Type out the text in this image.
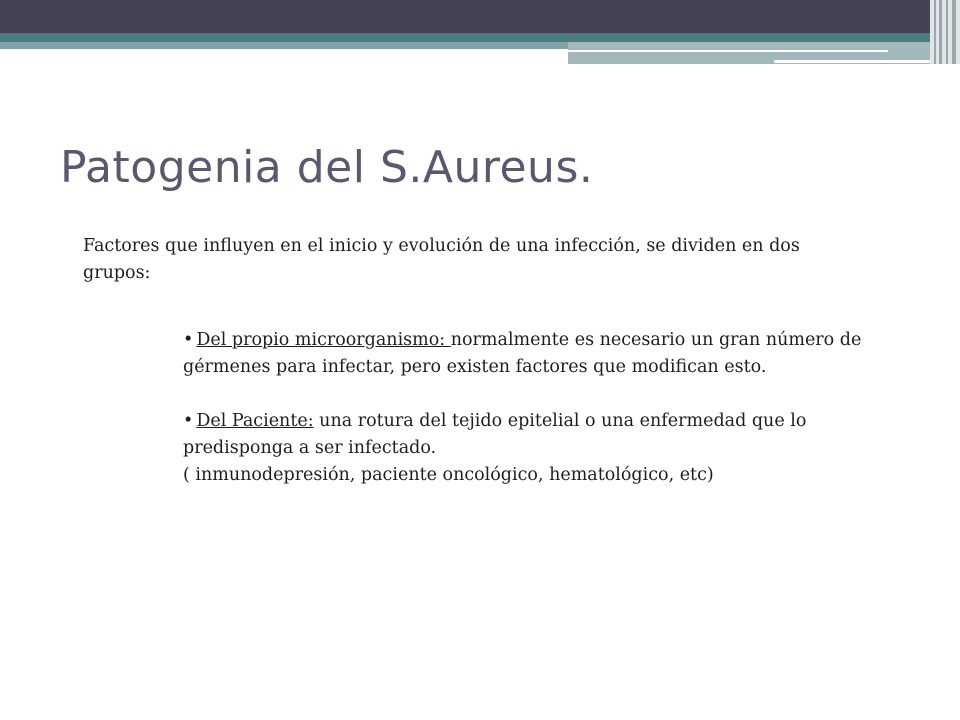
Patogenia del S.Aureus.

Factores que influyen en el inicio y evolución de una infección, se dividen en dos grupos:

• Del propio microorganismo: normalmente es necesario un gran número de gérmenes para infectar, pero existen factores que modifican esto.
• Del Paciente: una rotura del tejido epitelial o una enfermedad que lo predisponga a ser infectado.
( inmunodepresión, paciente oncológico, hematológico, etc)
